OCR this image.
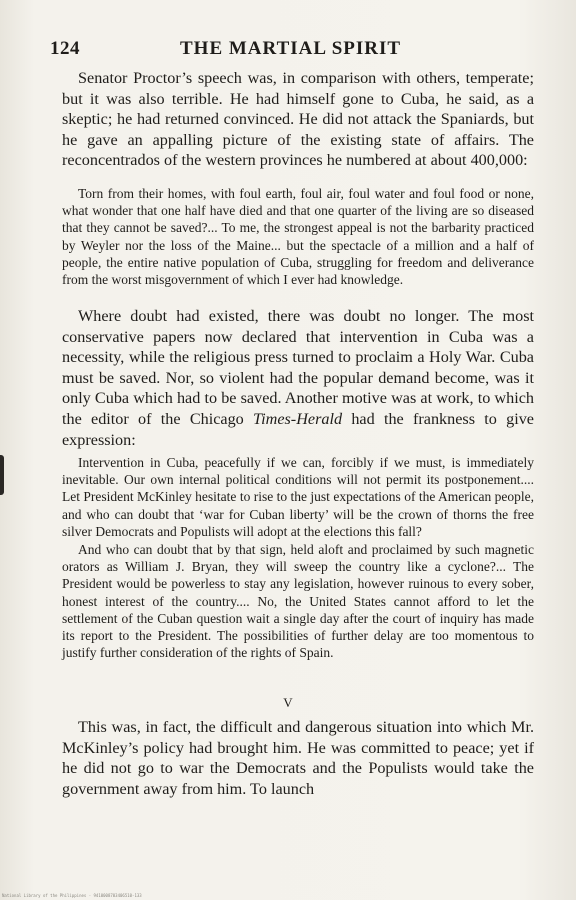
124	THE MARTIAL SPIRIT
Senator Proctor’s speech was, in comparison with others, temperate; but it was also terrible. He had himself gone to Cuba, he said, as a skeptic; he had returned convinced. He did not attack the Spaniards, but he gave an appalling picture of the existing state of affairs. The reconcentrados of the western provinces he numbered at about 400,000:
Torn from their homes, with foul earth, foul air, foul water and foul food or none, what wonder that one half have died and that one quarter of the living are so diseased that they cannot be saved?... To me, the strongest appeal is not the barbarity practiced by Weyler nor the loss of the Maine... but the spectacle of a million and a half of people, the entire native population of Cuba, struggling for freedom and deliverance from the worst misgovernment of which I ever had knowledge.
Where doubt had existed, there was doubt no longer. The most conservative papers now declared that intervention in Cuba was a necessity, while the religious press turned to proclaim a Holy War. Cuba must be saved. Nor, so violent had the popular demand become, was it only Cuba which had to be saved. Another motive was at work, to which the editor of the Chicago Times-Herald had the frankness to give expression:
Intervention in Cuba, peacefully if we can, forcibly if we must, is immediately inevitable. Our own internal political conditions will not permit its postponement.... Let President McKinley hesitate to rise to the just expectations of the American people, and who can doubt that ‘war for Cuban liberty’ will be the crown of thorns the free silver Democrats and Populists will adopt at the elections this fall?
And who can doubt that by that sign, held aloft and proclaimed by such magnetic orators as William J. Bryan, they will sweep the country like a cyclone?... The President would be powerless to stay any legislation, however ruinous to every sober, honest interest of the country.... No, the United States cannot afford to let the settlement of the Cuban question wait a single day after the court of inquiry has made its report to the President. The possibilities of further delay are too momentous to justify further consideration of the rights of Spain.
V
This was, in fact, the difficult and dangerous situation into which Mr. McKinley’s policy had brought him. He was committed to peace; yet if he did not go to war the Democrats and the Populists would take the government away from him. To launch
National Library of the Philippines · 9410008703406510-133
